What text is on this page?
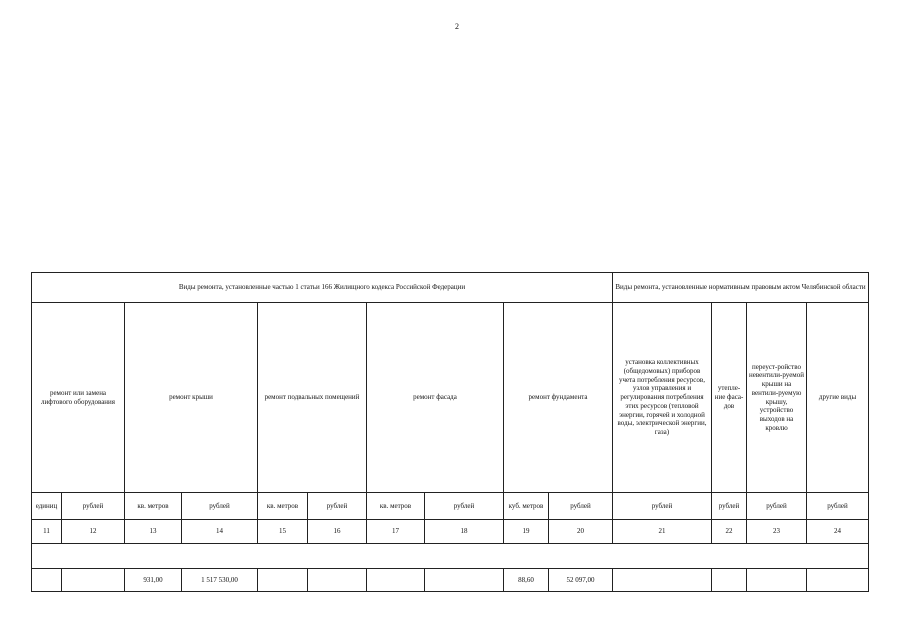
2
Виды ремонта, установленные частью 1 статьи 166 Жилищного кодекса Российской Федерации										Виды ремонта, установленные нормативным правовым актом Челябинской области			
ремонт или замена лифтового оборудования		ремонт крыши		ремонт подвальных помещений		ремонт фасада		ремонт фундамента		установка коллективных (общедомовых) приборов учета потребления ресурсов, узлов управления и регулирования потребления этих ресурсов (тепловой энергии, горячей и холодной воды, электрической энергии, газа)	утепле-ние фаса-дов	переуст-ройство невентили-руемой крыши на вентили-руемую крышу, устройство выходов на кровлю	другие виды
единиц	рублей	кв. метров	рублей	кв. метров	рублей	кв. метров	рублей	куб. метров	рублей	рублей	рублей	рублей	рублей
11	12	13	14	15	16	17	18	19	20	21	22	23	24

		931,00	1 517 530,00					88,60	52 097,00				
